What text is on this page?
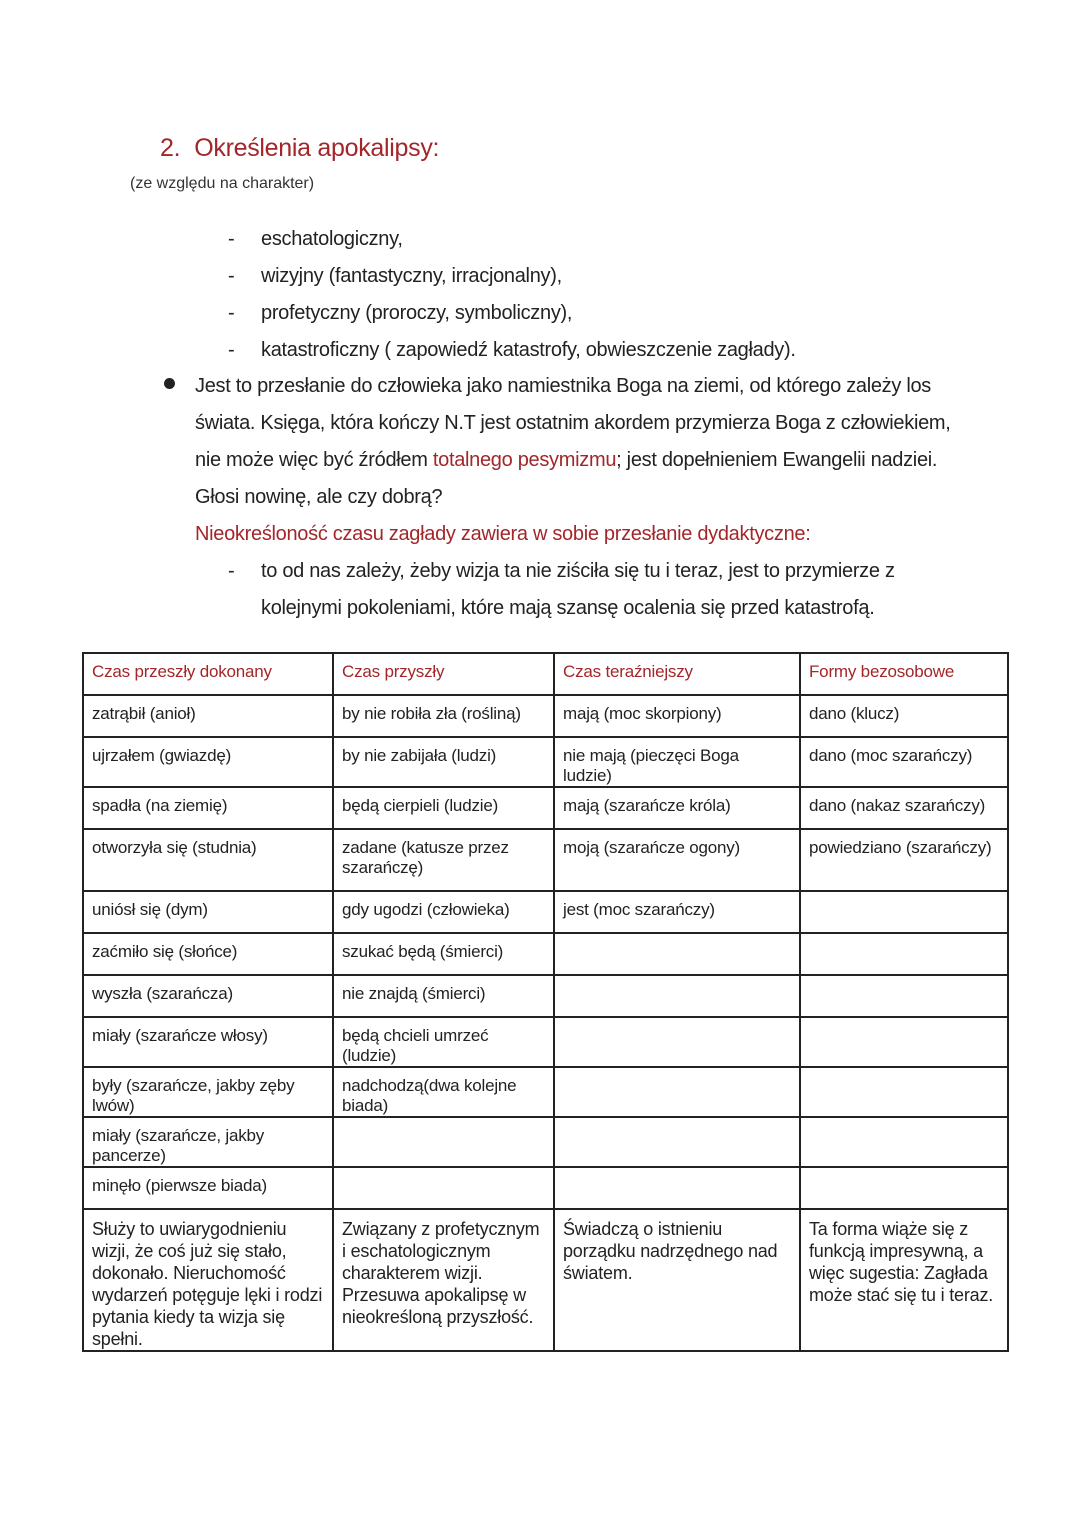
2. Określenia apokalipsy:
(ze względu na charakter)
- eschatologiczny,
- wizyjny (fantastyczny, irracjonalny),
- profetyczny (proroczy, symboliczny),
- katastroficzny ( zapowiedź katastrofy, obwieszczenie zagłady).

Jest to przesłanie do człowieka jako namiestnika Boga na ziemi, od którego zależy los świata. Księga, która kończy N.T jest ostatnim akordem przymierza Boga z człowiekiem, nie może więc być źródłem totalnego pesymizmu; jest dopełnieniem Ewangelii nadziei.

Głosi nowinę, ale czy dobrą?

Nieokreśloność czasu zagłady zawiera w sobie przesłanie dydaktyczne:

- to od nas zależy, żeby wizja ta nie ziściła się tu i teraz, jest to przymierze z kolejnymi pokoleniami, które mają szansę ocalenia się przed katastrofą.
Czas przeszły dokonany	Czas przyszły	Czas teraźniejszy	Formy bezosobowe
zatrąbił (anioł)	by nie robiła zła (rośliną)	mają (moc skorpiony)	dano (klucz)
ujrzałem (gwiazdę)	by nie zabijała (ludzi)	nie mają (pieczęci Boga ludzie)	dano (moc szarańczy)
spadła (na ziemię)	będą cierpieli (ludzie)	mają (szarańcze króla)	dano (nakaz szarańczy)
otworzyła się (studnia)	zadane (katusze przez szarańczę)	moją (szarańcze ogony)	powiedziano (szarańczy)
uniósł się (dym)	gdy ugodzi (człowieka)	jest (moc szarańczy)	
zaćmiło się (słońce)	szukać będą (śmierci)		
wyszła (szarańcza)	nie znajdą (śmierci)		
miały (szarańcze włosy)	będą chcieli umrzeć (ludzie)		
były (szarańcze, jakby zęby lwów)	nadchodzą(dwa kolejne biada)		
miały (szarańcze, jakby pancerze)			
minęło (pierwsze biada)			
Służy to uwiarygodnieniu wizji, że coś już się stało, dokonało. Nieruchomość wydarzeń potęguje lęki i rodzi pytania kiedy ta wizja się spełni.	Związany z profetycznym i eschatologicznym charakterem wizji. Przesuwa apokalipsę w nieokreśloną przyszłość.	Świadczą o istnieniu porządku nadrzędnego nad światem.	Ta forma wiąże się z funkcją impresywną, a więc sugestia: Zagłada może stać się tu i teraz.
